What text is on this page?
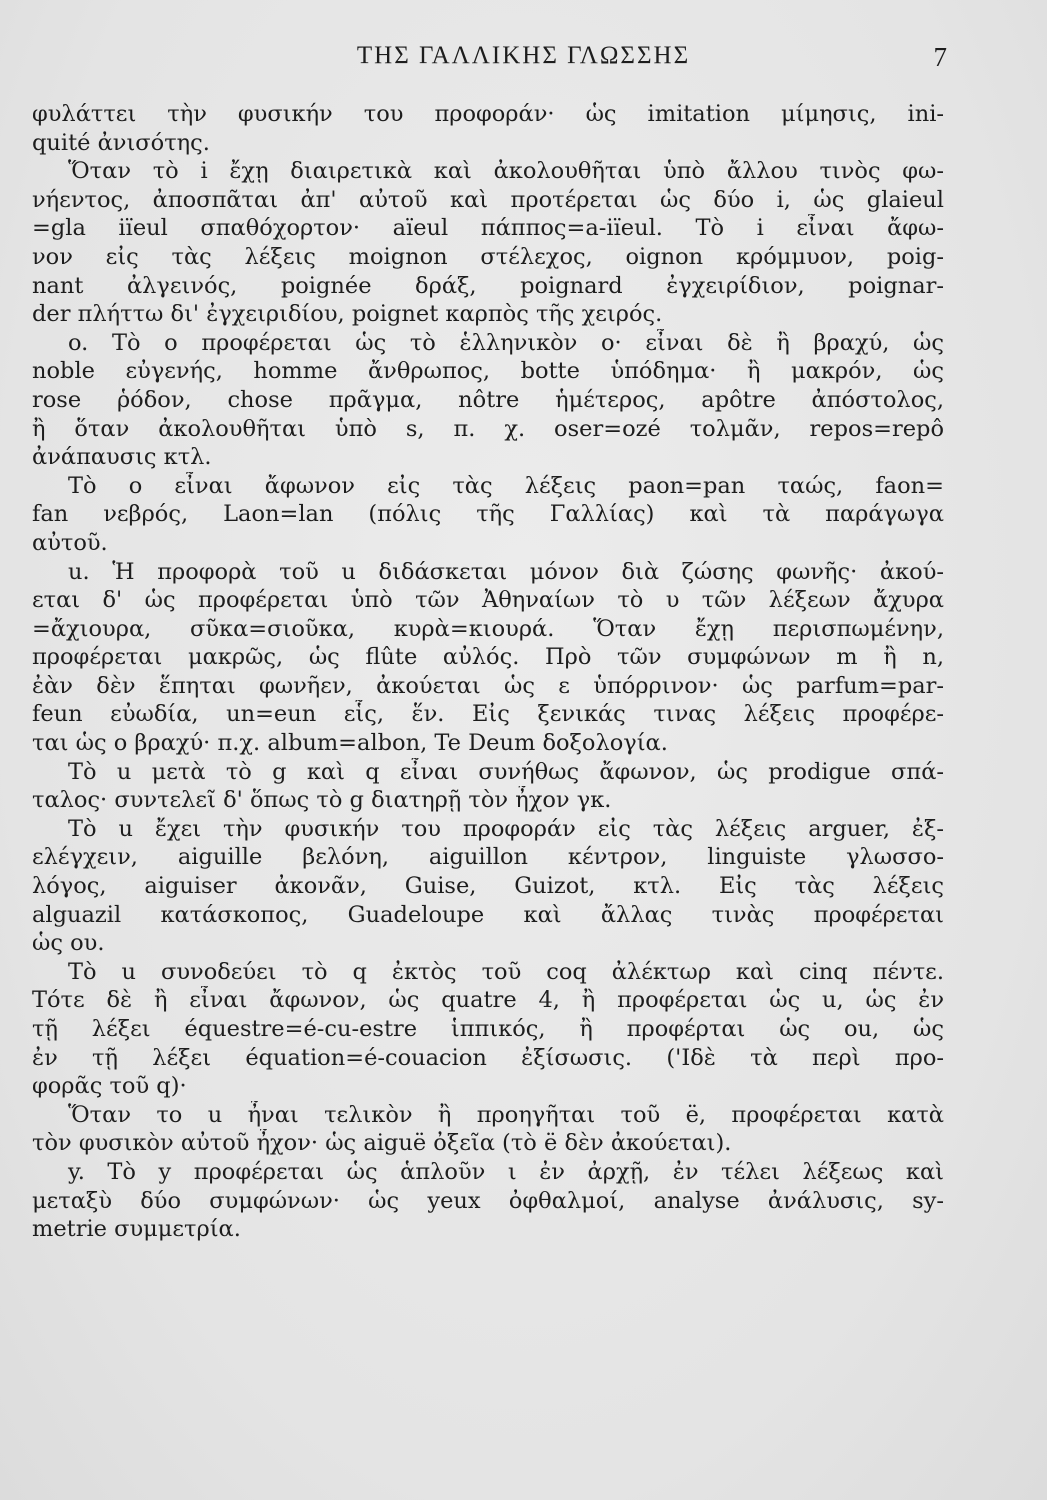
ΤΗΣ ΓΑΛΛΙΚΗΣ ΓΛΩΣΣΗΣ	7
φυλάττει τὴν φυσικήν του προφοράν· ὡς imitation μίμησις, ini-
quité ἀνισότης.
Ὅταν τὸ i ἔχῃ διαιρετικὰ καὶ ἀκολουθῆται ὑπὸ ἄλλου τινὸς φω-
νήεντος, ἀποσπᾶται ἀπ' αὐτοῦ καὶ προτέρεται ὡς δύο i, ὡς glaieul
=gla iïeul σπαθόχορτον· aïeul πάππος=a-iïeul. Τὸ i εἶναι ἄφω-
νον εἰς τὰς λέξεις moignon στέλεχος, oignon κρόμμυον, poig-
nant ἀλγεινός, poignée δράξ, poignard ἐγχειρίδιον, poignar-
der πλήττω δι' ἐγχειριδίου, poignet καρπὸς τῆς χειρός.
o. Τὸ o προφέρεται ὡς τὸ ἑλληνικὸν ο· εἶναι δὲ ἢ βραχύ, ὡς
noble εὐγενής, homme ἄνθρωπος, botte ὑπόδημα· ἢ μακρόν, ὡς
rose ῥόδον, chose πρᾶγμα, nôtre ἡμέτερος, apôtre ἀπόστολος,
ἢ ὅταν ἀκολουθῆται ὑπὸ s, π. χ. oser=ozé τολμᾶν, repos=repô
ἀνάπαυσις κτλ.
Τὸ o εἶναι ἄφωνον εἰς τὰς λέξεις paon=pan ταώς, faon=
fan νεβρός, Laon=lan (πόλις τῆς Γαλλίας) καὶ τὰ παράγωγα
αὐτοῦ.
u. Ἡ προφορὰ τοῦ u διδάσκεται μόνον διὰ ζώσης φωνῆς· ἀκού-
εται δ' ὡς προφέρεται ὑπὸ τῶν Ἀθηναίων τὸ υ τῶν λέξεων ἄχυρα
=ἄχιουρα, σῦκα=σιοῦκα, κυρὰ=κιουρά. Ὅταν ἔχῃ περισπωμένην,
προφέρεται μακρῶς, ὡς flûte αὐλός. Πρὸ τῶν συμφώνων m ἢ n,
ἐὰν δὲν ἕπηται φωνῆεν, ἀκούεται ὡς ε ὑπόρρινον· ὡς parfum=par-
feun εὐωδία, un=eun εἷς, ἕν. Εἰς ξενικάς τινας λέξεις προφέρε-
ται ὡς o βραχύ· π.χ. album=albon, Te Deum δοξολογία.
Τὸ u μετὰ τὸ g καὶ q εἶναι συνήθως ἄφωνον, ὡς prodigue σπά-
ταλος· συντελεῖ δ' ὅπως τὸ g διατηρῇ τὸν ἦχον γκ.
Τὸ u ἔχει τὴν φυσικήν του προφοράν εἰς τὰς λέξεις arguer, ἐξ-
ελέγχειν, aiguille βελόνη, aiguillon κέντρον, linguiste γλωσσο-
λόγος, aiguiser ἀκονᾶν, Guise, Guizot, κτλ. Εἰς τὰς λέξεις
alguazil κατάσκοπος, Guadeloupe καὶ ἄλλας τινὰς προφέρεται
ὡς ου.
Τὸ u συνοδεύει τὸ q ἐκτὸς τοῦ coq ἀλέκτωρ καὶ cinq πέντε.
Τότε δὲ ἢ εἶναι ἄφωνον, ὡς quatre 4, ἢ προφέρεται ὡς u, ὡς ἐν
τῇ λέξει équestre=é-cu-estre ἱππικός, ἢ προφέρται ὡς ou, ὡς
ἐν τῇ λέξει équation=é-couacion ἐξίσωσις. ('Ιδὲ τὰ περὶ προ-
φορᾶς τοῦ q)·
Ὅταν το u ἦναι τελικὸν ἢ προηγῆται τοῦ ë, προφέρεται κατὰ
τὸν φυσικὸν αὐτοῦ ἦχον· ὡς aiguë ὀξεῖα (τὸ ë δὲν ἀκούεται).
y. Τὸ y προφέρεται ὡς ἁπλοῦν ι ἐν ἀρχῇ, ἐν τέλει λέξεως καὶ
μεταξὺ δύο συμφώνων· ὡς yeux ὀφθαλμοί, analyse ἀνάλυσις, sy-
metrie συμμετρία.
